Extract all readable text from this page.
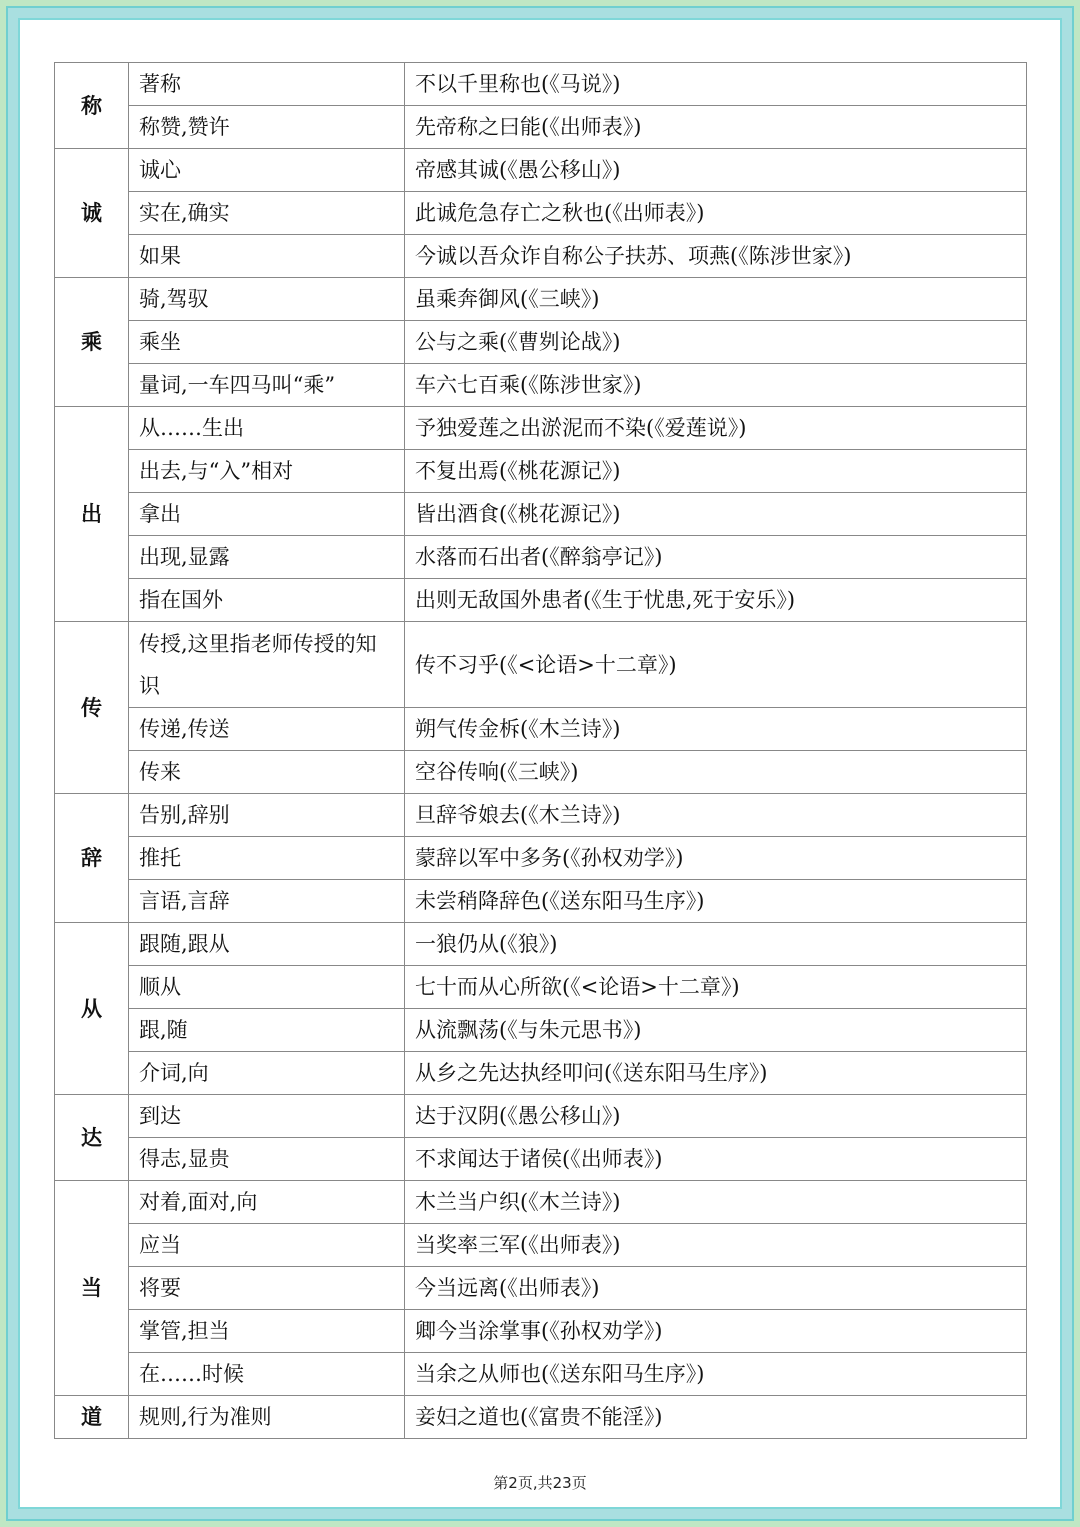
称	著称	不以千里称也(《马说》)
	称赞,赞许	先帝称之曰能(《出师表》)
诚	诚心	帝感其诚(《愚公移山》)
	实在,确实	此诚危急存亡之秋也(《出师表》)
	如果	今诚以吾众诈自称公子扶苏、项燕(《陈涉世家》)
乘	骑,驾驭	虽乘奔御风(《三峡》)
	乘坐	公与之乘(《曹刿论战》)
	量词,一车四马叫“乘”	车六七百乘(《陈涉世家》)
出	从……生出	予独爱莲之出淤泥而不染(《爱莲说》)
	出去,与“入”相对	不复出焉(《桃花源记》)
	拿出	皆出酒食(《桃花源记》)
	出现,显露	水落而石出者(《醉翁亭记》)
	指在国外	出则无敌国外患者(《生于忧患,死于安乐》)
传	传授,这里指老师传授的知识	传不习乎(《<论语>十二章》)
	传递,传送	朔气传金柝(《木兰诗》)
	传来	空谷传响(《三峡》)
辞	告别,辞别	旦辞爷娘去(《木兰诗》)
	推托	蒙辞以军中多务(《孙权劝学》)
	言语,言辞	未尝稍降辞色(《送东阳马生序》)
从	跟随,跟从	一狼仍从(《狼》)
	顺从	七十而从心所欲(《<论语>十二章》)
	跟,随	从流飘荡(《与朱元思书》)
	介词,向	从乡之先达执经叩问(《送东阳马生序》)
达	到达	达于汉阴(《愚公移山》)
	得志,显贵	不求闻达于诸侯(《出师表》)
当	对着,面对,向	木兰当户织(《木兰诗》)
	应当	当奖率三军(《出师表》)
	将要	今当远离(《出师表》)
	掌管,担当	卿今当涂掌事(《孙权劝学》)
	在……时候	当余之从师也(《送东阳马生序》)
道	规则,行为准则	妾妇之道也(《富贵不能淫》)
第2页,共23页
